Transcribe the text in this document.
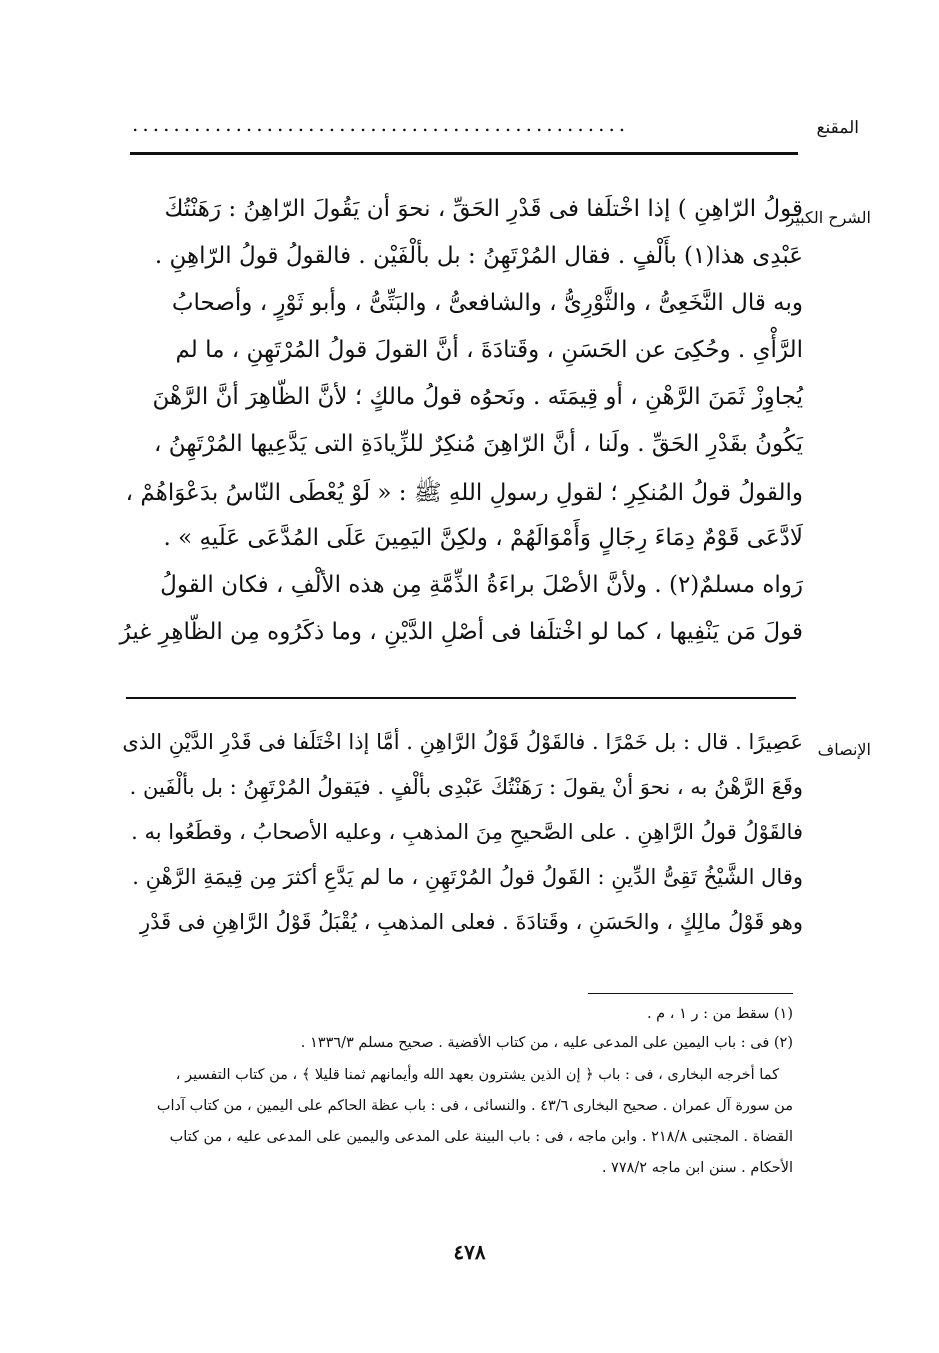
المقنع
................................................
الشرح الكبير
قولُ الرّاهِنِ ) إذا اخْتلَفا فى قَدْرِ الحَقِّ ، نحوَ أن يَقُولَ الرّاهِنُ : رَهَنْتُكَ
عَبْدِى هذا(١) بأَلْفٍ . فقال المُرْتَهِنُ : بل بألْفَيْن . فالقولُ قولُ الرّاهِنِ .
وبه قال النَّخَعِىُّ ، والثَّوْرِىُّ ، والشافعىُّ ، والبَتِّىُّ ، وأبو ثَوْرٍ ، وأصحابُ
الرَّأْىِ . وحُكِىَ عن الحَسَنِ ، وقَتادَةَ ، أنَّ القولَ قولُ المُرْتَهِنِ ، ما لم
يُجاوِزْ ثَمَنَ الرَّهْنِ ، أو قِيمَتَه . ونَحوُه قولُ مالكٍ ؛ لأنَّ الظّاهِرَ أنَّ الرَّهْنَ
يَكُونُ بقَدْرِ الحَقِّ . ولَنا ، أنَّ الرّاهِنَ مُنكِرٌ للزِّيادَةِ التى يَدَّعِيها المُرْتَهِنُ ،
والقولُ قولُ المُنكِرِ ؛ لقولِ رسولِ اللهِ ﷺ : « لَوْ يُعْطَى النّاسُ بدَعْوَاهُمْ ،
لَادَّعَى قَوْمٌ دِمَاءَ رِجَالٍ وَأَمْوَالَهُمْ ، ولكِنَّ اليَمِينَ عَلَى المُدَّعَى عَلَيهِ » .
رَواه مسلمٌ(٢) . ولأنَّ الأصْلَ براءَةُ الذِّمَّةِ مِن هذه الألْفِ ، فكان القولُ
قولَ مَن يَنْفِيها ، كما لو اخْتلَفا فى أصْلِ الدَّيْنِ ، وما ذكَرُوه مِن الظّاهِرِ غيرُ
الإنصاف
عَصِيرًا . قال : بل خَمْرًا . فالقَوْلُ قَوْلُ الرَّاهِنِ . أمَّا إذا اخْتَلَفا فى قَدْرِ الدَّيْنِ الذى
وقَعَ الرَّهْنُ به ، نحوَ أنْ يقولَ : رَهَنْتُكَ عَبْدِى بألْفٍ . فيَقولُ المُرْتَهِنُ : بل بألْفَين .
فالقَوْلُ قولُ الرَّاهِنِ . على الصَّحيحِ مِنَ المذهبِ ، وعليه الأصحابُ ، وقطَعُوا به .
وقال الشَّيْخُ تَقِىُّ الدِّينِ : القَولُ قولُ المُرْتَهِنِ ، ما لم يَدَّعِ أكثرَ مِن قِيمَةِ الرَّهْنِ .
وهو قَوْلُ مالِكٍ ، والحَسَنِ ، وقَتادَةَ . فعلى المذهبِ ، يُقْبَلُ قَوْلُ الرَّاهِنِ فى قَدْرِ
(١) سقط من : ر ١ ، م .
(٢) فى : باب اليمين على المدعى عليه ، من كتاب الأقضية . صحيح مسلم ١٣٣٦/٣ .
كما أخرجه البخارى ، فى : باب ﴿ إن الذين يشترون بعهد الله وأيمانهم ثمنا قليلا ﴾ ، من كتاب التفسير ،
من سورة آل عمران . صحيح البخارى ٤٣/٦ . والنسائى ، فى : باب عظة الحاكم على اليمين ، من كتاب آداب
القضاة . المجتبى ٢١٨/٨ . وابن ماجه ، فى : باب البينة على المدعى واليمين على المدعى عليه ، من كتاب
الأحكام . سنن ابن ماجه ٧٧٨/٢ .
٤٧٨
